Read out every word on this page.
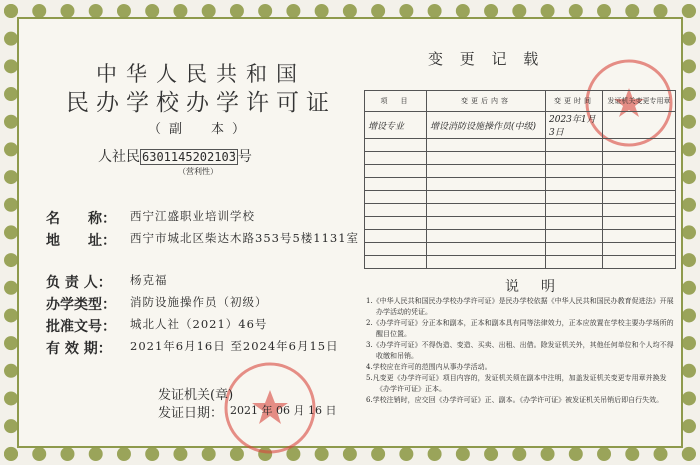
中华人民共和国
民办学校办学许可证
（副　本）
人社民 630114520210̈3 号
（营利性）
名　　称：	西宁江盛职业培训学校
地　　址：	西宁市城北区柴达木路353号5楼1131室
负 责 人：	杨克福
办学类型：	消防设施操作员（初级）
批准文号：	城北人社（2021）46号
有 效 期：	2021年6月16日 至2024年6月15日
发证机关(章)
发证日期： 2021 年 06 月 16 日
变 更 记 载
项　目	变更后内容	变更时间	发证机关变更专用章
增设专业	增设消防设施操作员(中级)	2023年1月3日	

说　明
1.《中华人民共和国民办学校办学许可证》是民办学校依据《中华人民共和国民办教育促进法》开展办学活动的凭证。
2.《办学许可证》分正本和副本，正本和副本具有同等法律效力，正本应放置在学校主要办学场所的醒目位置。
3.《办学许可证》不得伪造、变造、买卖、出租、出借。除发证机关外，其他任何单位和个人均不得收缴和吊销。
4.学校应在许可的范围内从事办学活动。
5.凡变更《办学许可证》项目内容的，发证机关须在副本中注明，加盖发证机关变更专用章并换发《办学许可证》正本。
6.学校注销时，应交回《办学许可证》正、副本。《办学许可证》被发证机关吊销后即自行失效。
